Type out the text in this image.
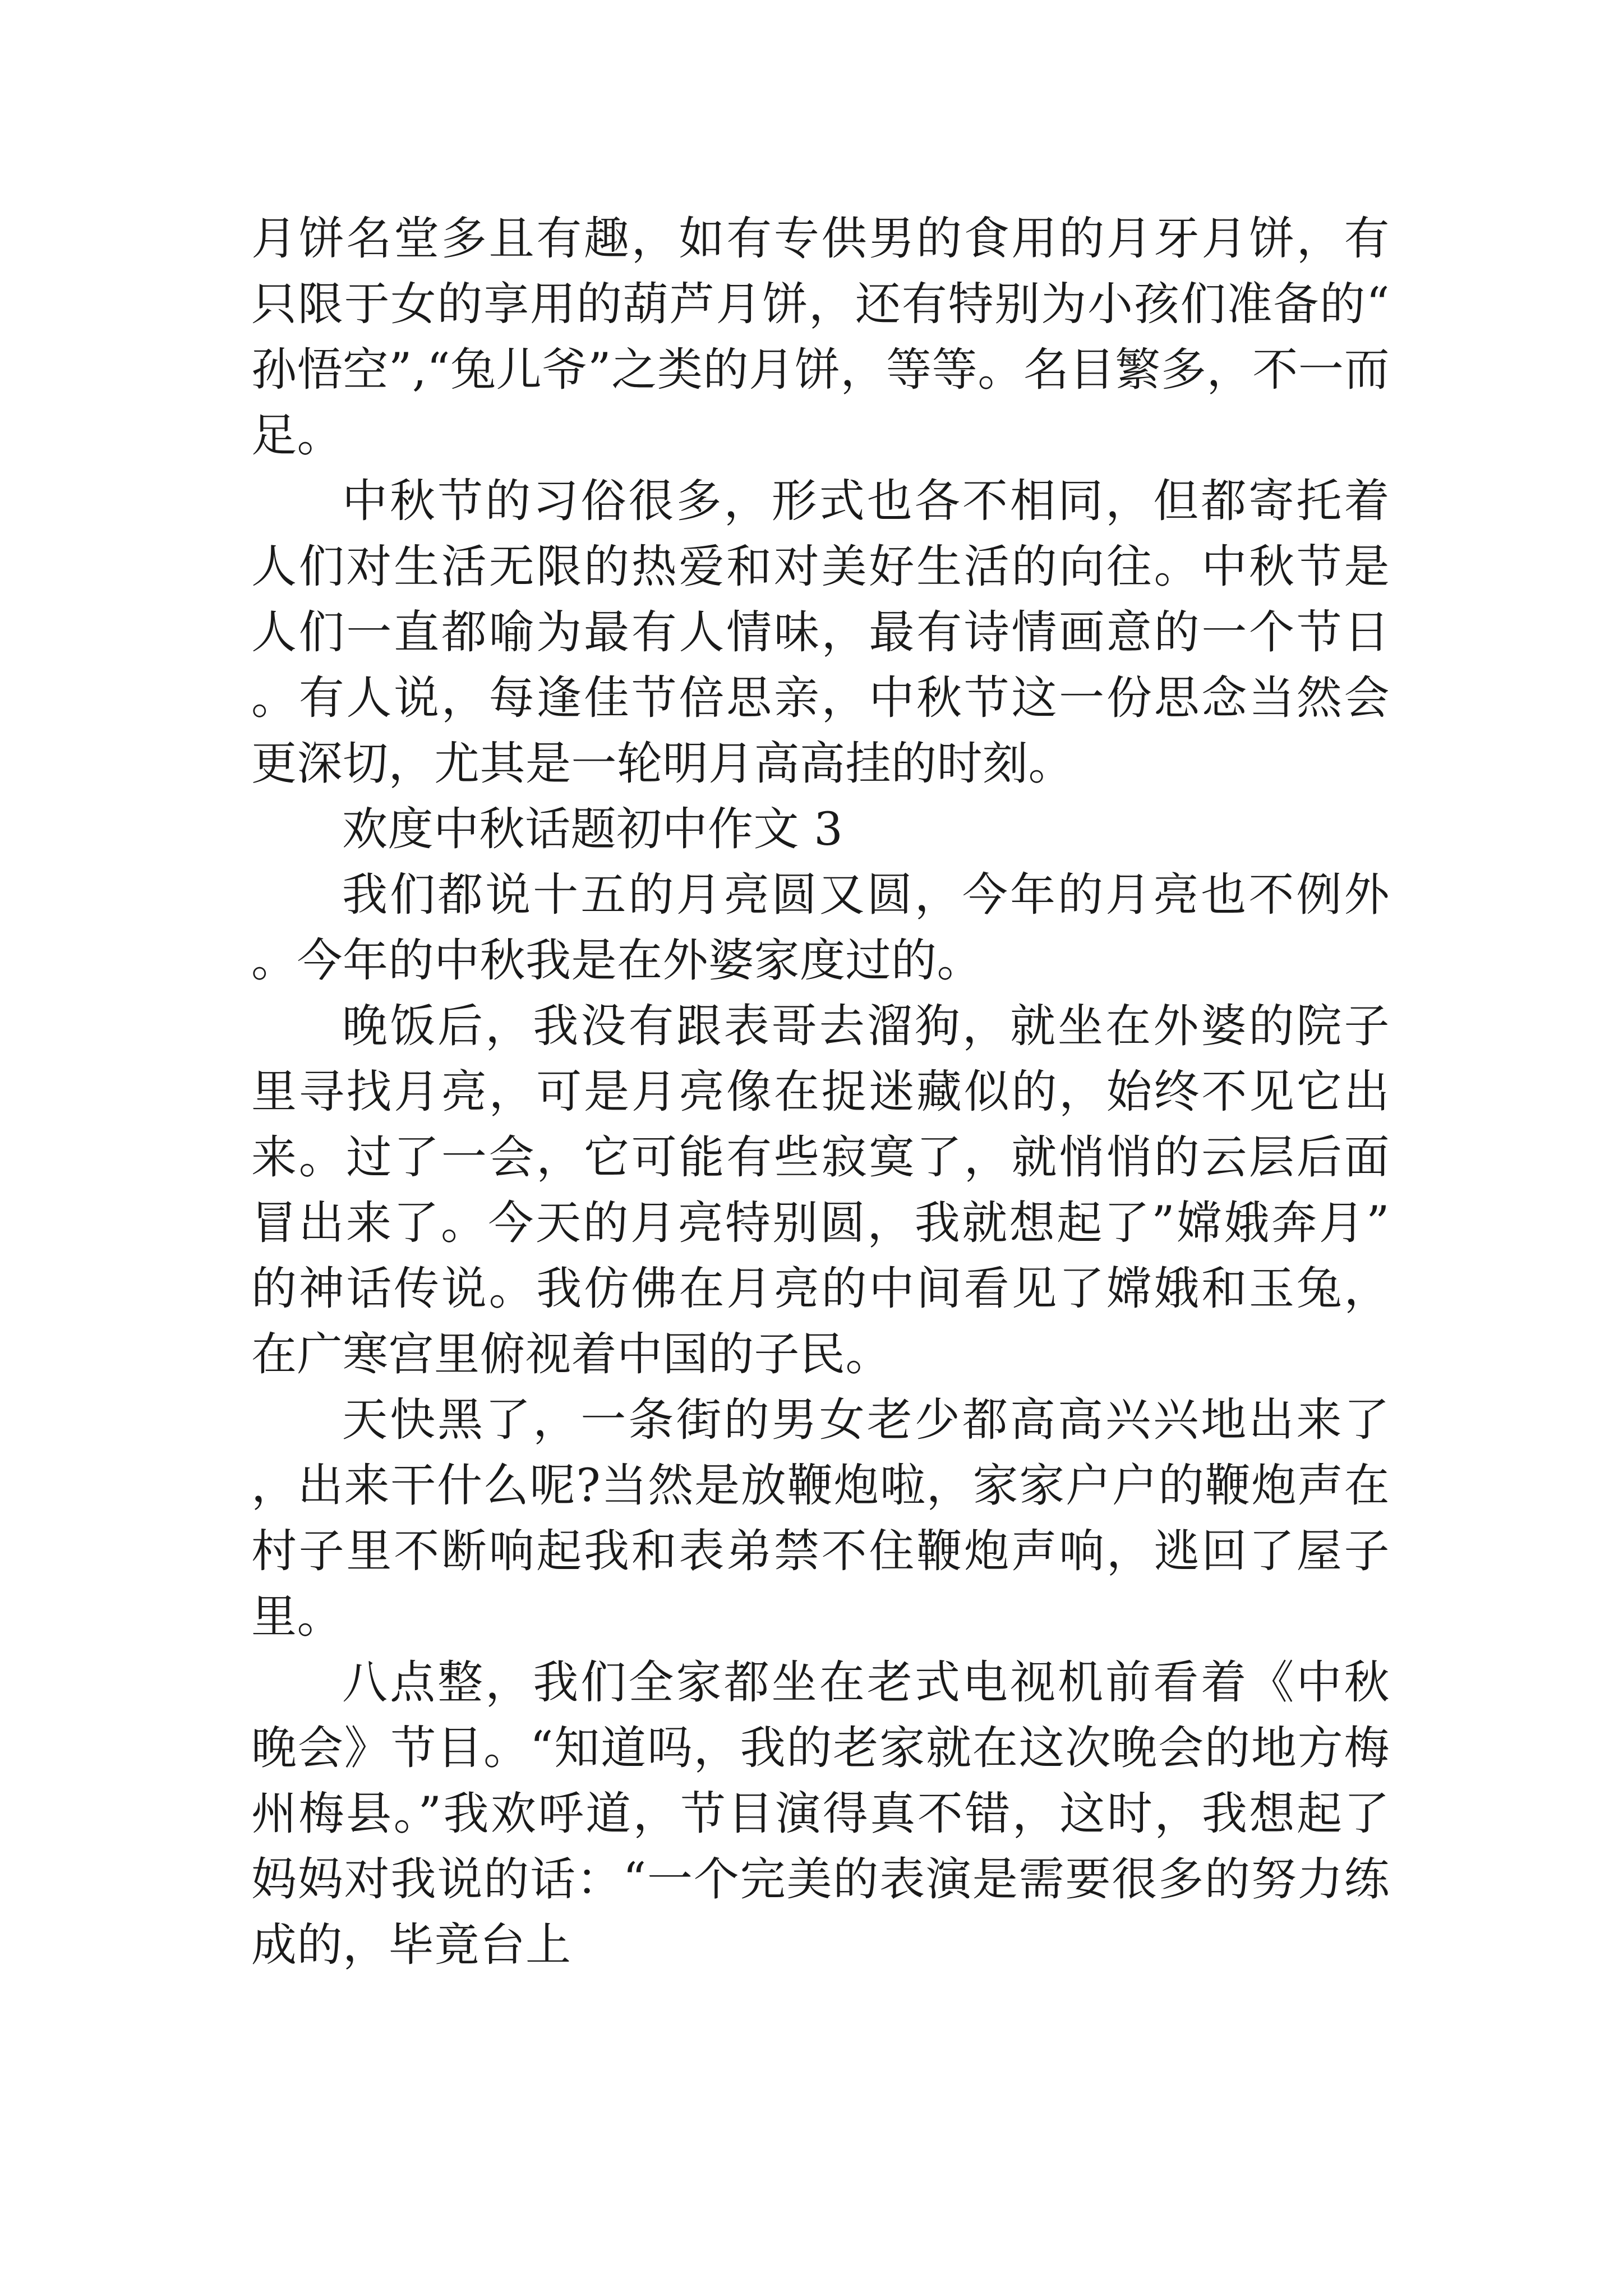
月饼名堂多且有趣，如有专供男的食用的月牙月饼，有只限于女的享用的葫芦月饼，还有特别为小孩们准备的“孙悟空”,“兔儿爷”之类的月饼，等等。名目繁多，不一而足。

中秋节的习俗很多，形式也各不相同，但都寄托着人们对生活无限的热爱和对美好生活的向往。中秋节是人们一直都喻为最有人情味，最有诗情画意的一个节日。有人说，每逢佳节倍思亲，中秋节这一份思念当然会更深切，尤其是一轮明月高高挂的时刻。

欢度中秋话题初中作文 3

我们都说十五的月亮圆又圆，今年的月亮也不例外。今年的中秋我是在外婆家度过的。

晚饭后，我没有跟表哥去溜狗，就坐在外婆的院子里寻找月亮，可是月亮像在捉迷藏似的，始终不见它出来。过了一会，它可能有些寂寞了，就悄悄的云层后面冒出来了。今天的月亮特别圆，我就想起了”嫦娥奔月”的神话传说。我仿佛在月亮的中间看见了嫦娥和玉兔，在广寒宫里俯视着中国的子民。

天快黑了，一条街的男女老少都高高兴兴地出来了，出来干什么呢?当然是放鞭炮啦，家家户户的鞭炮声在村子里不断响起我和表弟禁不住鞭炮声响，逃回了屋子里。

八点整，我们全家都坐在老式电视机前看着《中秋晚会》节目。“知道吗，我的老家就在这次晚会的地方梅州梅县。”我欢呼道，节目演得真不错，这时，我想起了妈妈对我说的话：“一个完美的表演是需要很多的努力练成的，毕竟台上
